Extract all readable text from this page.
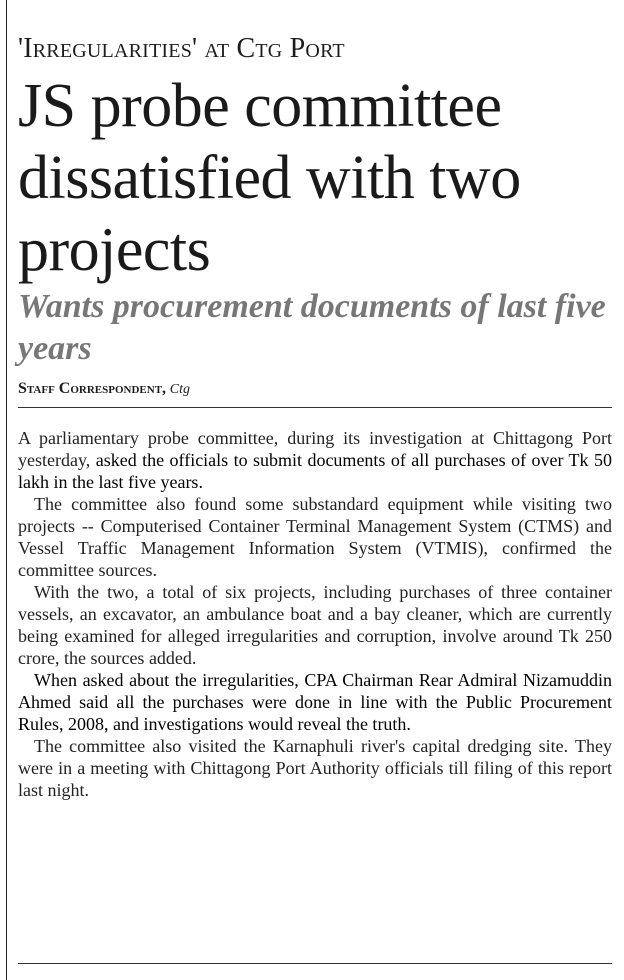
'Irregularities' at Ctg Port
JS probe committee dissatisfied with two projects
Wants procurement documents of last five years
Staff Correspondent, Ctg

A parliamentary probe committee, during its investigation at Chittagong Port yesterday, asked the officials to submit documents of all purchases of over Tk 50 lakh in the last five years.

The committee also found some substandard equipment while visiting two projects -- Computerised Container Terminal Management System (CTMS) and Vessel Traffic Management Information System (VTMIS), confirmed the committee sources.

With the two, a total of six projects, including purchases of three container vessels, an excavator, an ambulance boat and a bay cleaner, which are currently being examined for alleged irregularities and corruption, involve around Tk 250 crore, the sources added.

When asked about the irregularities, CPA Chairman Rear Admiral Nizamuddin Ahmed said all the purchases were done in line with the Public Procurement Rules, 2008, and investigations would reveal the truth.

The committee also visited the Karnaphuli river's capital dredging site. They were in a meeting with Chittagong Port Authority officials till filing of this report last night.
